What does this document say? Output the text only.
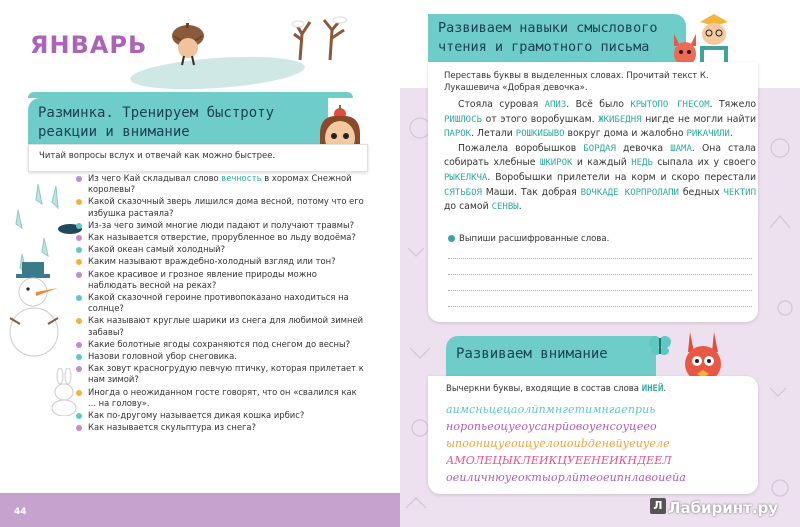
44
ЯНВАРЬ
Разминка. Тренируем быстроту
реакции и внимание
Читай вопросы вслух и отвечай как можно быстрее.
Из чего Кай складывал слово вечность в хоромах Снежной королевы?
Какой сказочный зверь лишился дома весной, потому что его избушка растаяла?
Из-за чего зимой многие люди падают и получают травмы?
Как называется отверстие, прорубленное во льду водоёма?
Какой океан самый холодный?
Каким называют враждебно-холодный взгляд или тон?
Какое красивое и грозное явление природы можно наблюдать весной на реках?
Какой сказочной героине противопоказано находиться на солнце?
Как называют круглые шарики из снега для любимой зимней забавы?
Какие болотные ягоды сохраняются под снегом до весны?
Назови головной убор снеговика.
Как зовут красногрудую певчую птичку, которая прилетает к нам зимой?
Иногда о неожиданном госте говорят, что он «свалился как ... на голову».
Как по-другому называется дикая кошка ирбис?
Как называется скульптура из снега?
Развиваем навыки смыслового
чтения и грамотного письма
Переставь буквы в выделенных словах. Прочитай текст К. Лукашевича «Добрая девочка».

Стояла суровая АПИЗ. Всё было КРЫТОПО ГНЕСОМ. Тяжело РИШЛОСЬ от этого воробушкам. ЖКИБЕДНЯ нигде не могли найти ПАРОК. Летали РОШКИБЫВО вокруг дома и жалобно РИКАЧИЛИ.

Пожалела воробышков БОРДАЯ девочка ШАМА. Она стала собирать хлебные ШКИРОК и каждый НЕДЬ сыпала их у своего РЫКЕЛКЧА. Воробышки прилетели на корм и скоро перестали СЯТЬБОЯ Маши. Так добрая ВОЧКАДЕ КОРПРОЛАПИ бедных ЧЕКТИП до самой СЕНВЫ.

Выпиши расшифрованные слова.
Развиваем внимание
Вычеркни буквы, входящие в состав слова ИНЕЙ.
аимсньцецаолйпмнгетимнгаеприь
норопьеоцуеоусанрйовоуенсоуцеео
ыпооницуеоицуелоиoubденвйуеиуеле
АМОЛЕЦЫКЛЕИКЦУЕЕНЕИКНДЕЕЛ
оеиличнюуеоктыорлйтеоеипнлавоиейа
Л Лабиринт.ру
